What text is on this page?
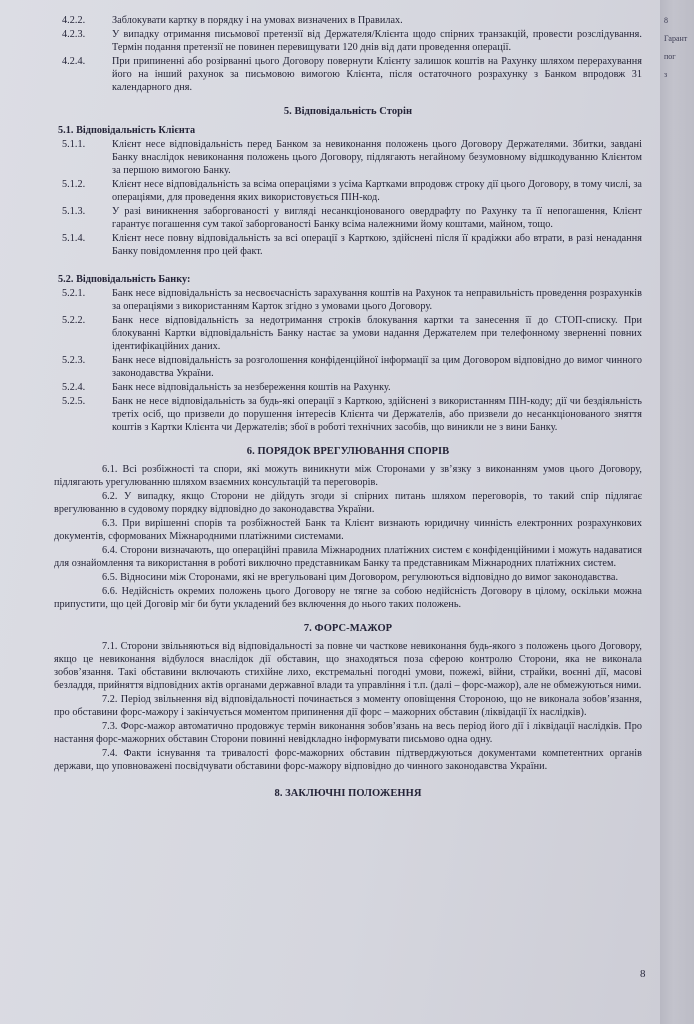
4.2.2.	Заблокувати картку в порядку і на умовах визначених в Правилах.
4.2.3.	У випадку отримання письмової претензії від Держателя/Клієнта щодо спірних транзакцій, провести розслідування. Термін подання претензії не повинен перевищувати 120 днів від дати проведення операції.
4.2.4.	При припиненні або розірванні цього Договору повернути Клієнту залишок коштів на Рахунку шляхом перерахування його на інший рахунок за письмовою вимогою Клієнта, після остаточного розрахунку з Банком впродовж 31 календарного дня.
5. Відповідальність Сторін
5.1. Відповідальність Клієнта
5.1.1.	Клієнт несе відповідальність перед Банком за невиконання положень цього Договору Держателями. Збитки, завдані Банку внаслідок невиконання положень цього Договору, підлягають негайному безумовному відшкодуванню Клієнтом за першою вимогою Банку.
5.1.2.	Клієнт несе відповідальність за всіма операціями з усіма Картками впродовж строку дії цього Договору, в тому числі, за операціями, для проведення яких використовується ПІН-код.
5.1.3.	У разі виникнення заборгованості у вигляді несанкціонованого овердрафту по Рахунку та її непогашення, Клієнт гарантує погашення сум такої заборгованості Банку всіма належними йому коштами, майном, тощо.
5.1.4.	Клієнт несе повну відповідальність за всі операції з Карткою, здійснені після її крадіжки або втрати, в разі ненадання Банку повідомлення про цей факт.
5.2. Відповідальність Банку:
5.2.1.	Банк несе відповідальність за несвоєчасність зарахування коштів на Рахунок та неправильність проведення розрахунків за операціями з використанням Карток згідно з умовами цього Договору.
5.2.2.	Банк несе відповідальність за недотримання строків блокування картки та занесення її до СТОП-списку. При блокуванні Картки відповідальність Банку настає за умови надання Держателем при телефонному зверненні повних ідентифікаційних даних.
5.2.3.	Банк несе відповідальність за розголошення конфіденційної інформації за цим Договором відповідно до вимог чинного законодавства України.
5.2.4.	Банк несе відповідальність за незбереження коштів на Рахунку.
5.2.5.	Банк не несе відповідальність за будь-які операції з Карткою, здійснені з використанням ПІН-коду; дії чи бездіяльність третіх осіб, що призвели до порушення інтересів Клієнта чи Держателів, або призвели до несанкціонованого зняття коштів з Картки Клієнта чи Держателів; збої в роботі технічних засобів, що виникли не з вини Банку.
6. ПОРЯДОК ВРЕГУЛЮВАННЯ СПОРІВ
6.1. Всі розбіжності та спори, які можуть виникнути між Сторонами у зв’язку з виконанням умов цього Договору, підлягають урегулюванню шляхом взаємних консультацій та переговорів.
6.2. У випадку, якщо Сторони не дійдуть згоди зі спірних питань шляхом переговорів, то такий спір підлягає врегулюванню в судовому порядку відповідно до законодавства України.
6.3. При вирішенні спорів та розбіжностей Банк та Клієнт визнають юридичну чинність електронних розрахункових документів, сформованих Міжнародними платіжними системами.
6.4. Сторони визначають, що операційні правила Міжнародних платіжних систем є конфіденційними і можуть надаватися для ознайомлення та використання в роботі виключно представникам Банку та представникам Міжнародних платіжних систем.
6.5. Відносини між Сторонами, які не врегульовані цим Договором, регулюються відповідно до вимог законодавства.
6.6. Недійсність окремих положень цього Договору не тягне за собою недійсність Договору в цілому, оскільки можна припустити, що цей Договір міг би бути укладений без включення до нього таких положень.
7. ФОРС-МАЖОР
7.1. Сторони звільняються від відповідальності за повне чи часткове невиконання будь-якого з положень цього Договору, якщо це невиконання відбулося внаслідок дії обставин, що знаходяться поза сферою контролю Сторони, яка не виконала зобов’язання. Такі обставини включають стихійне лихо, екстремальні погодні умови, пожежі, війни, страйки, воєнні дії, масові безладдя, прийняття відповідних актів органами державної влади та управління і т.п. (далі – форс-мажор), але не обмежуються ними.
7.2. Період звільнення від відповідальності починається з моменту оповіщення Стороною, що не виконала зобов’язання, про обставини форс-мажору і закінчується моментом припинення дії форс – мажорних обставин (ліквідації їх наслідків).
7.3. Форс-мажор автоматично продовжує термін виконання зобов’язань на весь період його дії і ліквідації наслідків. Про настання форс-мажорних обставин Сторони повинні невідкладно інформувати письмово одна одну.
7.4. Факти існування та тривалості форс-мажорних обставин підтверджуються документами компетентних органів держави, що уповноважені посвідчувати обставини форс-мажору відповідно до чинного законодавства України.
8. ЗАКЛЮЧНІ ПОЛОЖЕННЯ
8
8
Гарант
пог
з
